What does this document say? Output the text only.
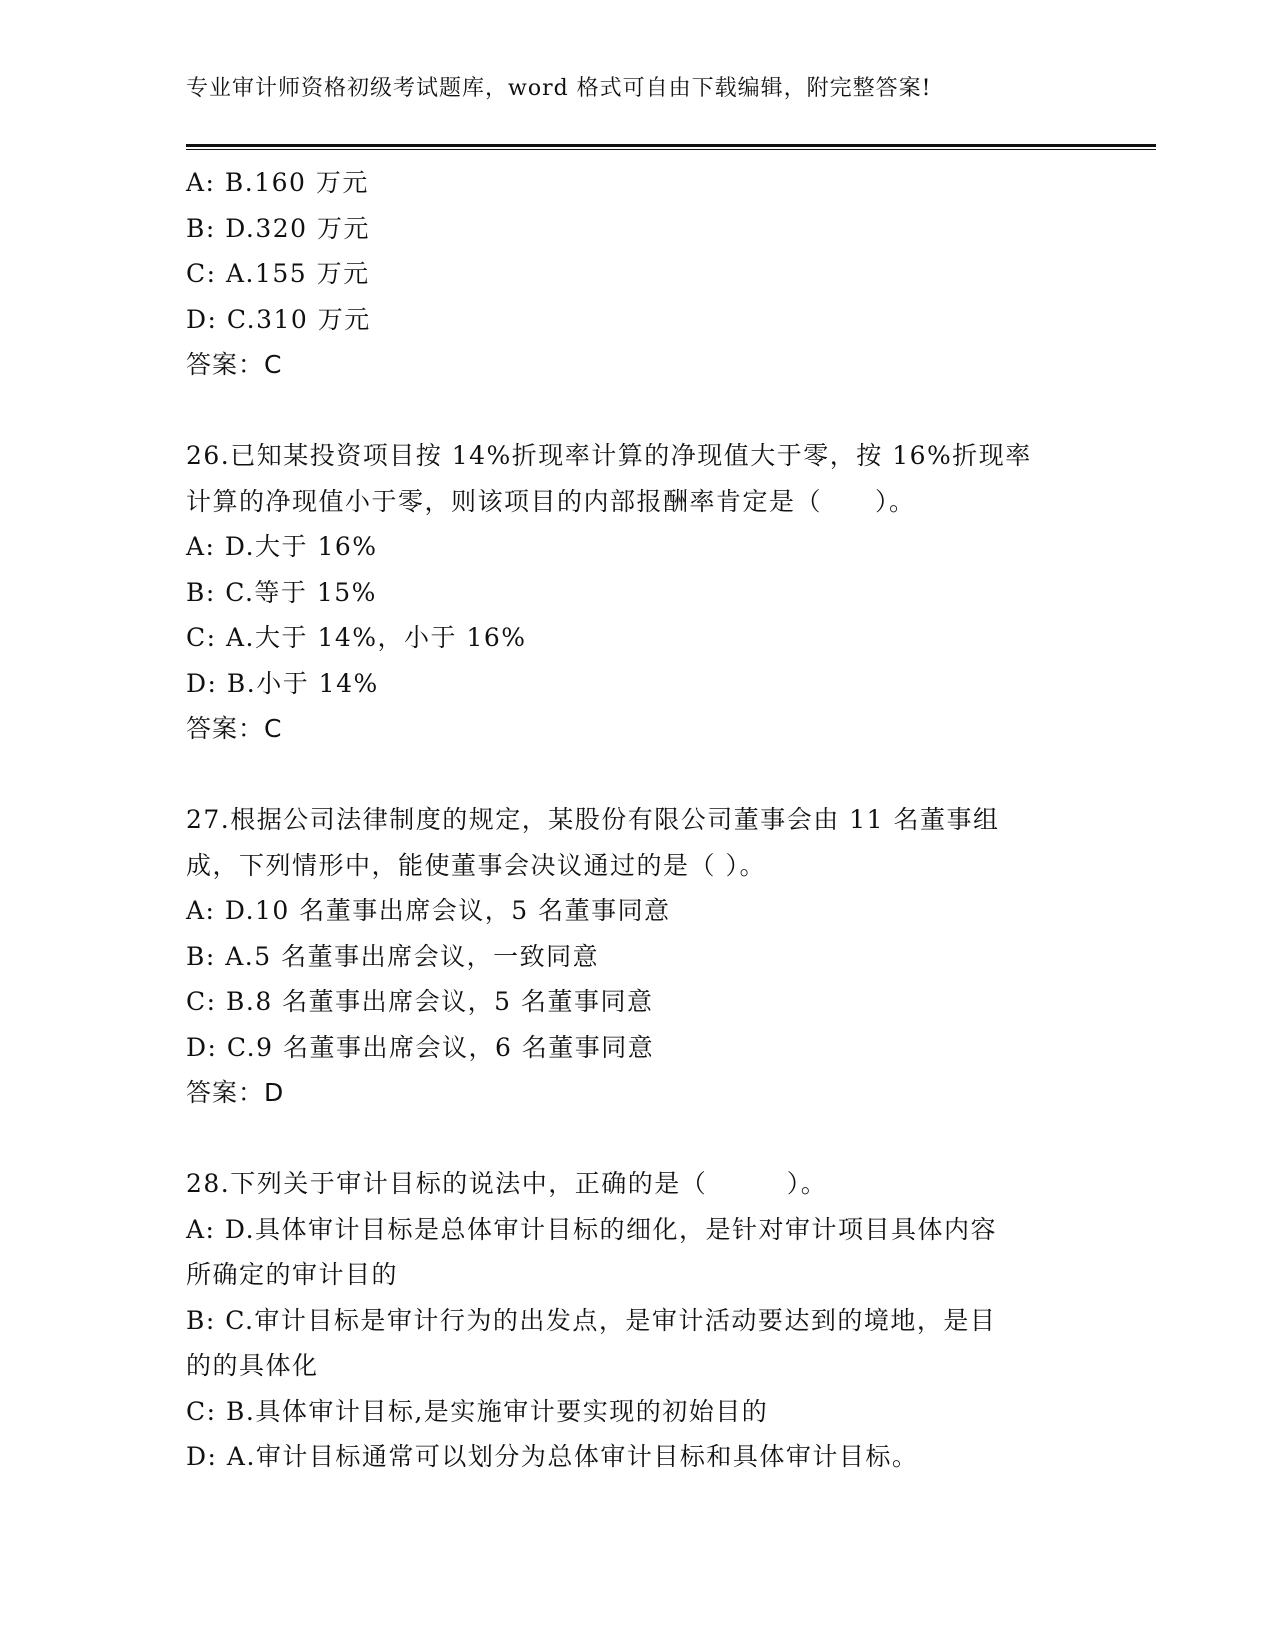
专业审计师资格初级考试题库，word 格式可自由下载编辑，附完整答案!
A: B.160 万元
B: D.320 万元
C: A.155 万元
D: C.310 万元
答案：C
26.已知某投资项目按 14%折现率计算的净现值大于零，按 16%折现率
计算的净现值小于零，则该项目的内部报酬率肯定是（　　）。
A: D.大于 16%
B: C.等于 15%
C: A.大于 14%，小于 16%
D: B.小于 14%
答案：C
27.根据公司法律制度的规定，某股份有限公司董事会由 11 名董事组
成，下列情形中，能使董事会决议通过的是（ ）。
A: D.10 名董事出席会议，5 名董事同意
B: A.5 名董事出席会议，一致同意
C: B.8 名董事出席会议，5 名董事同意
D: C.9 名董事出席会议，6 名董事同意
答案：D
28.下列关于审计目标的说法中，正确的是（　　　）。
A: D.具体审计目标是总体审计目标的细化，是针对审计项目具体内容
所确定的审计目的
B: C.审计目标是审计行为的出发点，是审计活动要达到的境地，是目
的的具体化
C: B.具体审计目标,是实施审计要实现的初始目的
D: A.审计目标通常可以划分为总体审计目标和具体审计目标。
